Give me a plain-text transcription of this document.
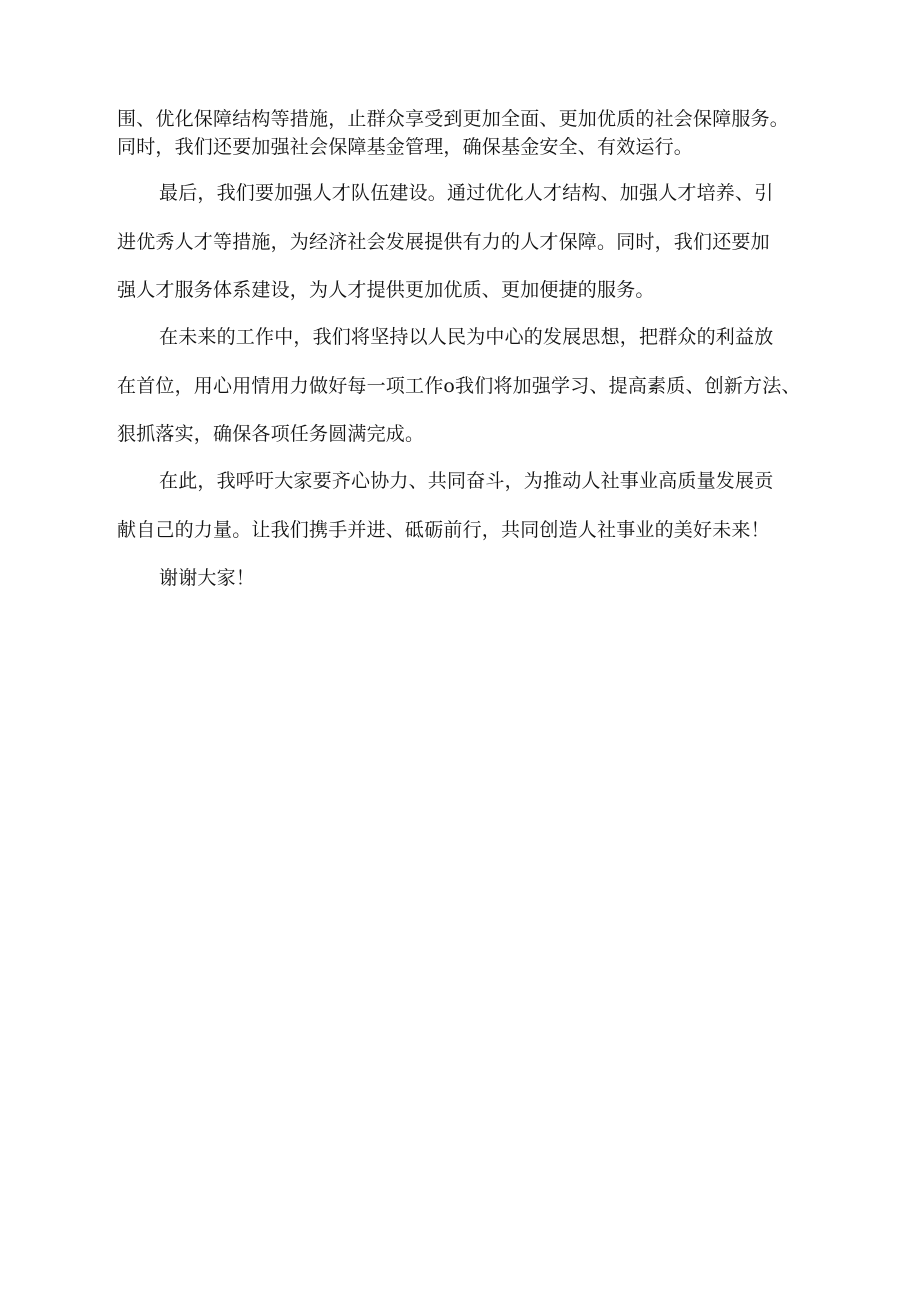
围、优化保障结构等措施，止群众享受到更加全面、更加优质的社会保障服务。
同时，我们还要加强社会保障基金管理，确保基金安全、有效运行。
最后，我们要加强人才队伍建设。通过优化人才结构、加强人才培养、引
进优秀人才等措施，为经济社会发展提供有力的人才保障。同时，我们还要加
强人才服务体系建设，为人才提供更加优质、更加便捷的服务。
在未来的工作中，我们将坚持以人民为中心的发展思想，把群众的利益放
在首位，用心用情用力做好每一项工作o我们将加强学习、提高素质、创新方法、
狠抓落实，确保各项任务圆满完成。
在此，我呼吁大家要齐心协力、共同奋斗，为推动人社事业高质量发展贡
献自己的力量。让我们携手并进、砥砺前行，共同创造人社事业的美好未来！
谢谢大家！
